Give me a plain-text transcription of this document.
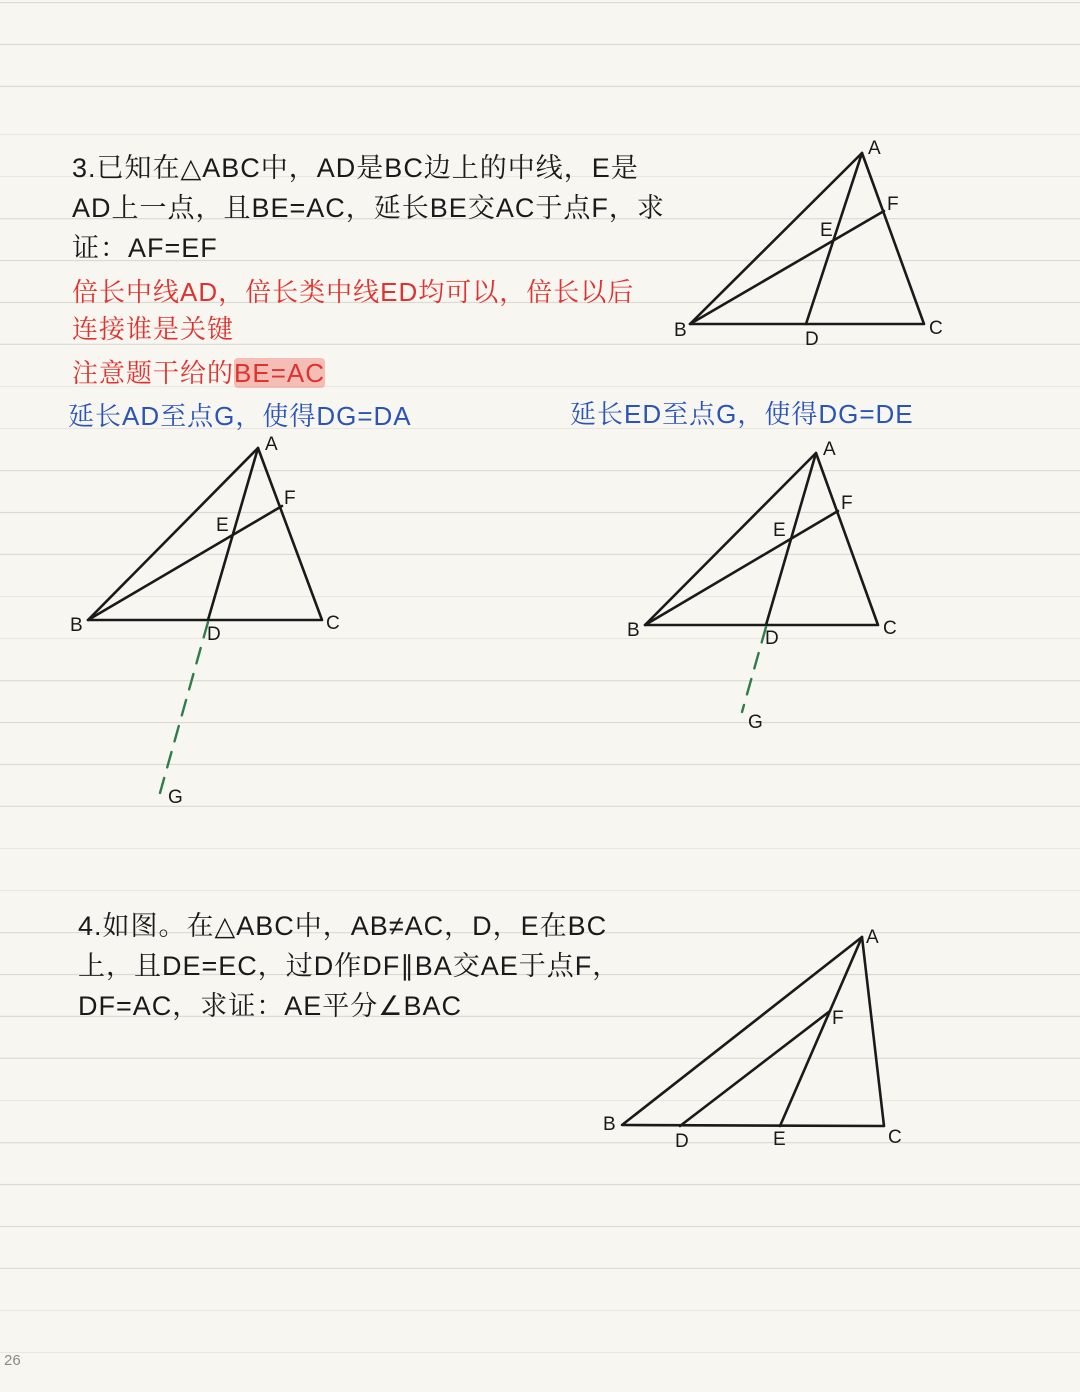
3.已知在△ABC中，AD是BC边上的中线，E是
AD上一点，且BE=AC，延长BE交AC于点F，求
证：AF=EF

倍长中线AD，倍长类中线ED均可以，倍长以后
连接谁是关键

注意题干给的BE=AC

延长AD至点G，使得DG=DA	延长ED至点G，使得DG=DE

4.如图。在△ABC中，AB≠AC，D，E在BC
上，且DE=EC，过D作DF∥BA交AE于点F，
DF=AC，求证：AE平分∠BAC

26
A
F
E
B	D
C
A
F
E
B	D
C
G
A
F
E
B	D	C
G
A
F
B
D	E	C
